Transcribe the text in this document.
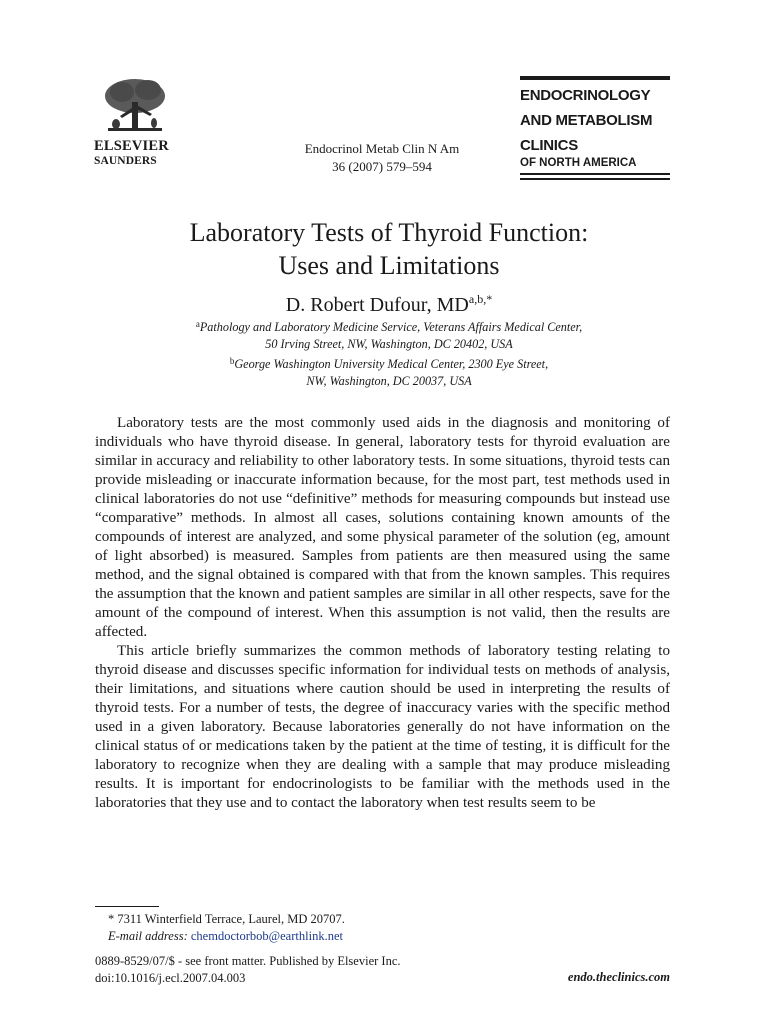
ELSEVIER
SAUNDERS
Endocrinol Metab Clin N Am
36 (2007) 579–594
ENDOCRINOLOGY
AND METABOLISM
CLINICS
OF NORTH AMERICA
Laboratory Tests of Thyroid Function:
Uses and Limitations
D. Robert Dufour, $MD^{a,b,*}$
$^a$Pathology and Laboratory Medicine Service, Veterans Affairs Medical Center,
50 Irving Street, NW, Washington, DC 20402, USA
$^b$George Washington University Medical Center, 2300 Eye Street,
NW, Washington, DC 20037, USA

Laboratory tests are the most commonly used aids in the diagnosis and monitoring of individuals who have thyroid disease. In general, laboratory tests for thyroid evaluation are similar in accuracy and reliability to other laboratory tests. In some situations, thyroid tests can provide misleading or inaccurate information because, for the most part, test methods used in clinical laboratories do not use “definitive” methods for measuring compounds but instead use “comparative” methods. In almost all cases, solutions containing known amounts of the compounds of interest are analyzed, and some physical parameter of the solution (eg, amount of light absorbed) is measured. Samples from patients are then measured using the same method, and the signal obtained is compared with that from the known samples. This requires the assumption that the known and patient samples are similar in all other respects, save for the amount of the compound of interest. When this assumption is not valid, then the results are affected.

This article briefly summarizes the common methods of laboratory testing relating to thyroid disease and discusses specific information for individual tests on methods of analysis, their limitations, and situations where caution should be used in interpreting the results of thyroid tests. For a number of tests, the degree of inaccuracy varies with the specific method used in a given laboratory. Because laboratories generally do not have information on the clinical status of or medications taken by the patient at the time of testing, it is difficult for the laboratory to recognize when they are dealing with a sample that may produce misleading results. It is important for endocrinologists to be familiar with the methods used in the laboratories that they use and to contact the laboratory when test results seem to be

* 7311 Winterfield Terrace, Laurel, MD 20707.
E-mail address: chemdoctorbob@earthlink.net
0889-8529/07/$ - see front matter. Published by Elsevier Inc.
doi:10.1016/j.ecl.2007.04.003	endo.theclinics.com
